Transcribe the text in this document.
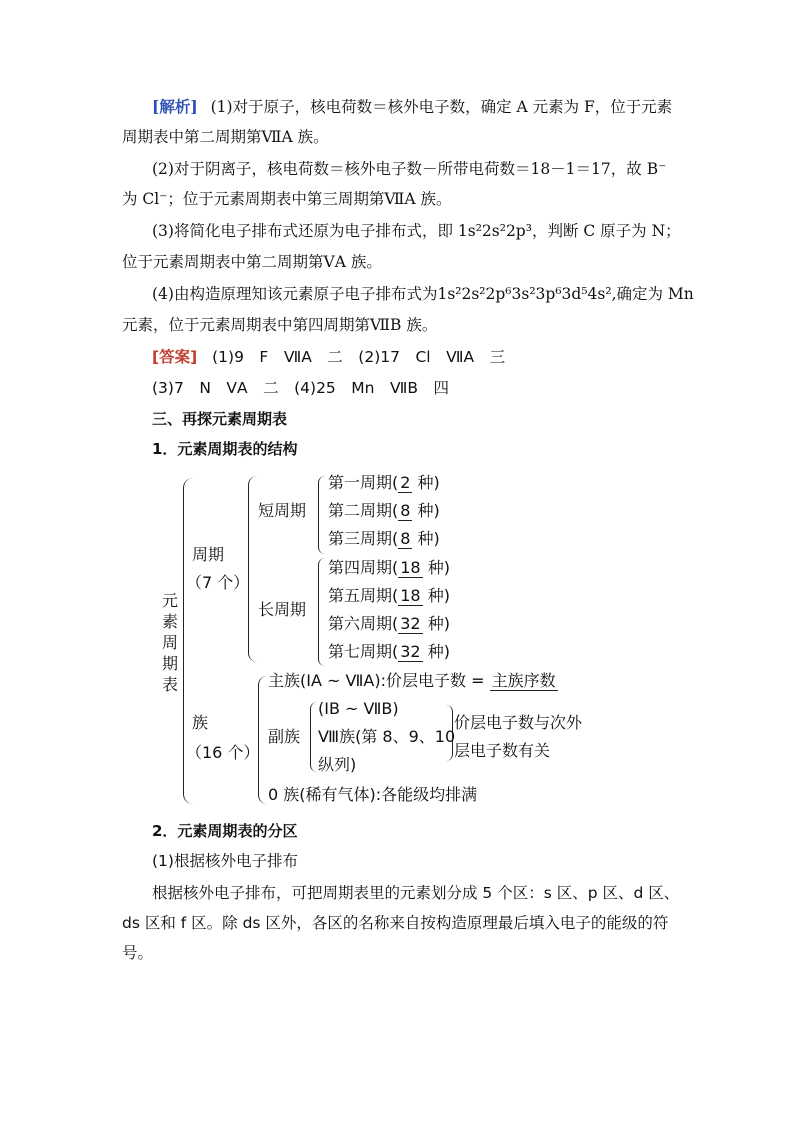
[解析] (1)对于原子，核电荷数＝核外电子数，确定 A 元素为 F，位于元素
周期表中第二周期第ⅦA 族。
(2)对于阴离子，核电荷数＝核外电子数－所带电荷数＝18－1＝17，故 B⁻
为 Cl⁻；位于元素周期表中第三周期第ⅦA 族。
(3)将简化电子排布式还原为电子排布式，即 1s²2s²2p³，判断 C 原子为 N；
位于元素周期表中第二周期第ⅤA 族。
(4)由构造原理知该元素原子电子排布式为1s²2s²2p⁶3s²3p⁶3d⁵4s²,确定为 Mn
元素，位于元素周期表中第四周期第ⅦB 族。
[答案] (1)9　F　ⅦA　二　(2)17　Cl　ⅦA　三
(3)7　N　ⅤA　二　(4)25　Mn　ⅦB　四
三、再探元素周期表
1．元素周期表的结构
元
素
周
期
表
周期
（7 个）
短周期
长周期
第一周期( 2 种)
第二周期( 8 种)
第三周期( 8 种)
第四周期( 18 种)
第五周期( 18 种)
第六周期( 32 种)
第七周期( 32 种)
族
（16 个）
主族(ⅠA ~ ⅦA):价层电子数 = 主族序数
副族
(ⅠB ~ ⅦB)
Ⅷ族(第 8、9、10
纵列)
价层电子数与次外
层电子数有关
0 族(稀有气体):各能级均排满
2．元素周期表的分区
(1)根据核外电子排布
根据核外电子排布，可把周期表里的元素划分成 5 个区：s 区、p 区、d 区、
ds 区和 f 区。除 ds 区外，各区的名称来自按构造原理最后填入电子的能级的符
号。
